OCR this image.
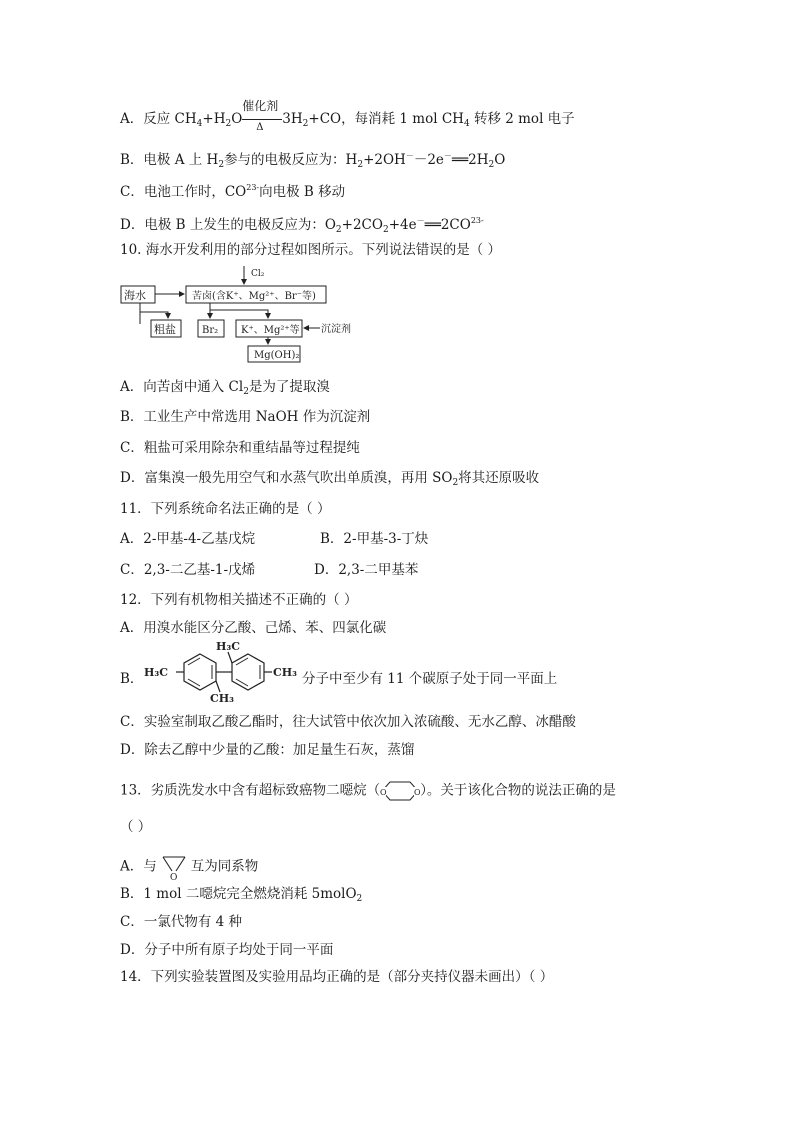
A．反应 $CH_4+H_2O$
催化剂
Δ $3H_2+CO$，每消耗 1 mol $CH_4$ 转移 2 mol 电子
B．电极 A 上 $H_2$参与的电极反应为：$H_2+2OH^--2e^-══2H_2O$
C．电池工作时，$CO^{23-}$向电极 B 移动
D．电极 B 上发生的电极反应为：$O_2+2CO_2+4e^-══2CO^{23-}$
10. 海水开发利用的部分过程如图所示。下列说法错误的是（ ）
Cl₂
海水	苦卤(含K⁺、Mg²⁺、Br⁻等)
粗盐	Br₂ K⁺、Mg²⁺等 沉淀剂
Mg(OH)₂
A．向苦卤中通入 $Cl_2$是为了提取溴
B．工业生产中常选用 NaOH 作为沉淀剂
C．粗盐可采用除杂和重结晶等过程提纯
D．富集溴一般先用空气和水蒸气吹出单质溴，再用 $SO_2$将其还原吸收
11．下列系统命名法正确的是（ ）
A．2-甲基-4-乙基戊烷	B．2-甲基-3-丁炔
C．2,3-二乙基-1-戊烯	D．2,3-二甲基苯
12．下列有机物相关描述不正确的（ ）
A．用溴水能区分乙酸、己烯、苯、四氯化碳
B． H₃C
H₃C
CH₃
CH₃
分子中至少有 11 个碳原子处于同一平面上
C．实验室制取乙酸乙酯时，往大试管中依次加入浓硫酸、无水乙醇、冰醋酸
D．除去乙醇中少量的乙酸：加足量生石灰，蒸馏
13．劣质洗发水中含有超标致癌物二噁烷（ O	O ）。关于该化合物的说法正确的是
（ ）
A．与
O
互为同系物
B．1 mol 二噁烷完全燃烧消耗 5molO$_2$
C．一氯代物有 4 种
D．分子中所有原子均处于同一平面
14．下列实验装置图及实验用品均正确的是（部分夹持仪器未画出）（ ）
